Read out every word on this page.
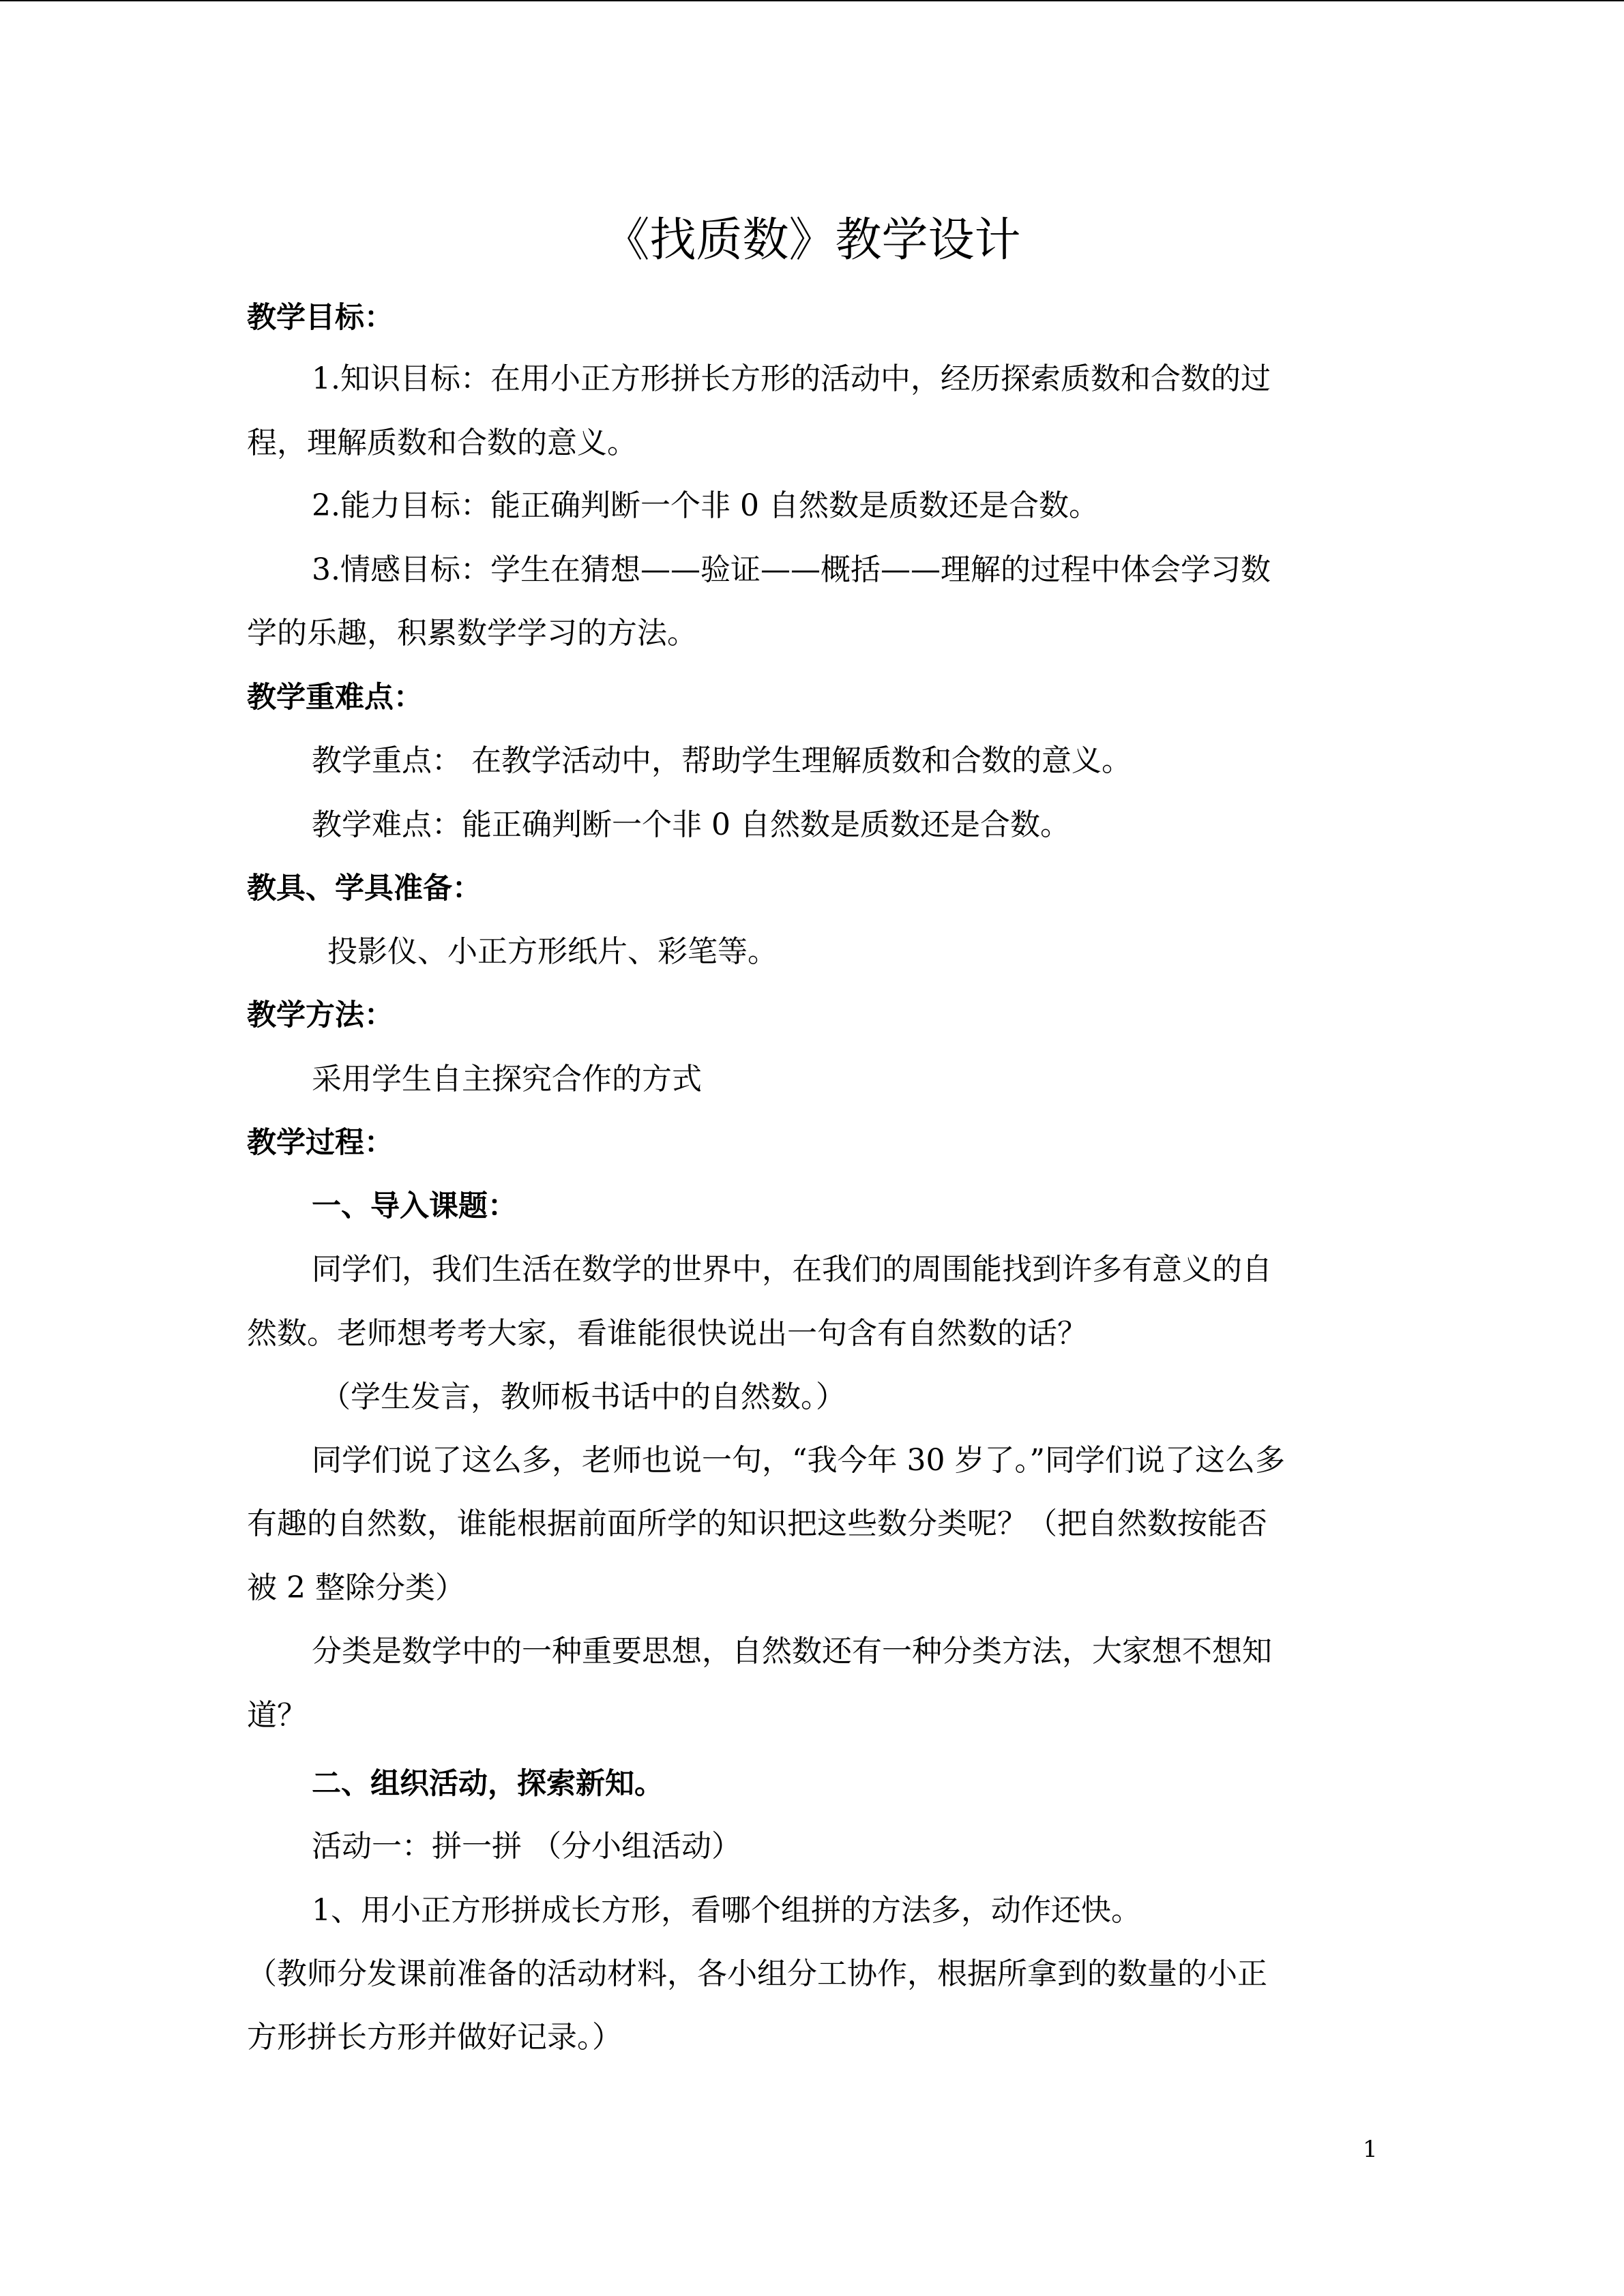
《找质数》教学设计
教学目标：
1.知识目标：在用小正方形拼长方形的活动中，经历探索质数和合数的过
程，理解质数和合数的意义。
2.能力目标：能正确判断一个非 0 自然数是质数还是合数。
3.情感目标：学生在猜想——验证——概括——理解的过程中体会学习数
学的乐趣，积累数学学习的方法。
教学重难点：
教学重点： 在教学活动中，帮助学生理解质数和合数的意义。
教学难点：能正确判断一个非 0 自然数是质数还是合数。
教具、学具准备：
投影仪、小正方形纸片、彩笔等。
教学方法：
采用学生自主探究合作的方式
教学过程：
一、导入课题：
同学们，我们生活在数学的世界中，在我们的周围能找到许多有意义的自
然数。老师想考考大家，看谁能很快说出一句含有自然数的话？
（学生发言，教师板书话中的自然数。）
同学们说了这么多，老师也说一句，“我今年 30 岁了。”同学们说了这么多
有趣的自然数，谁能根据前面所学的知识把这些数分类呢？（把自然数按能否
被 2 整除分类）
分类是数学中的一种重要思想，自然数还有一种分类方法，大家想不想知
道？
二、组织活动，探索新知。
活动一：拼一拼 （分小组活动）
1、用小正方形拼成长方形，看哪个组拼的方法多，动作还快。
（教师分发课前准备的活动材料，各小组分工协作，根据所拿到的数量的小正
方形拼长方形并做好记录。）
1
